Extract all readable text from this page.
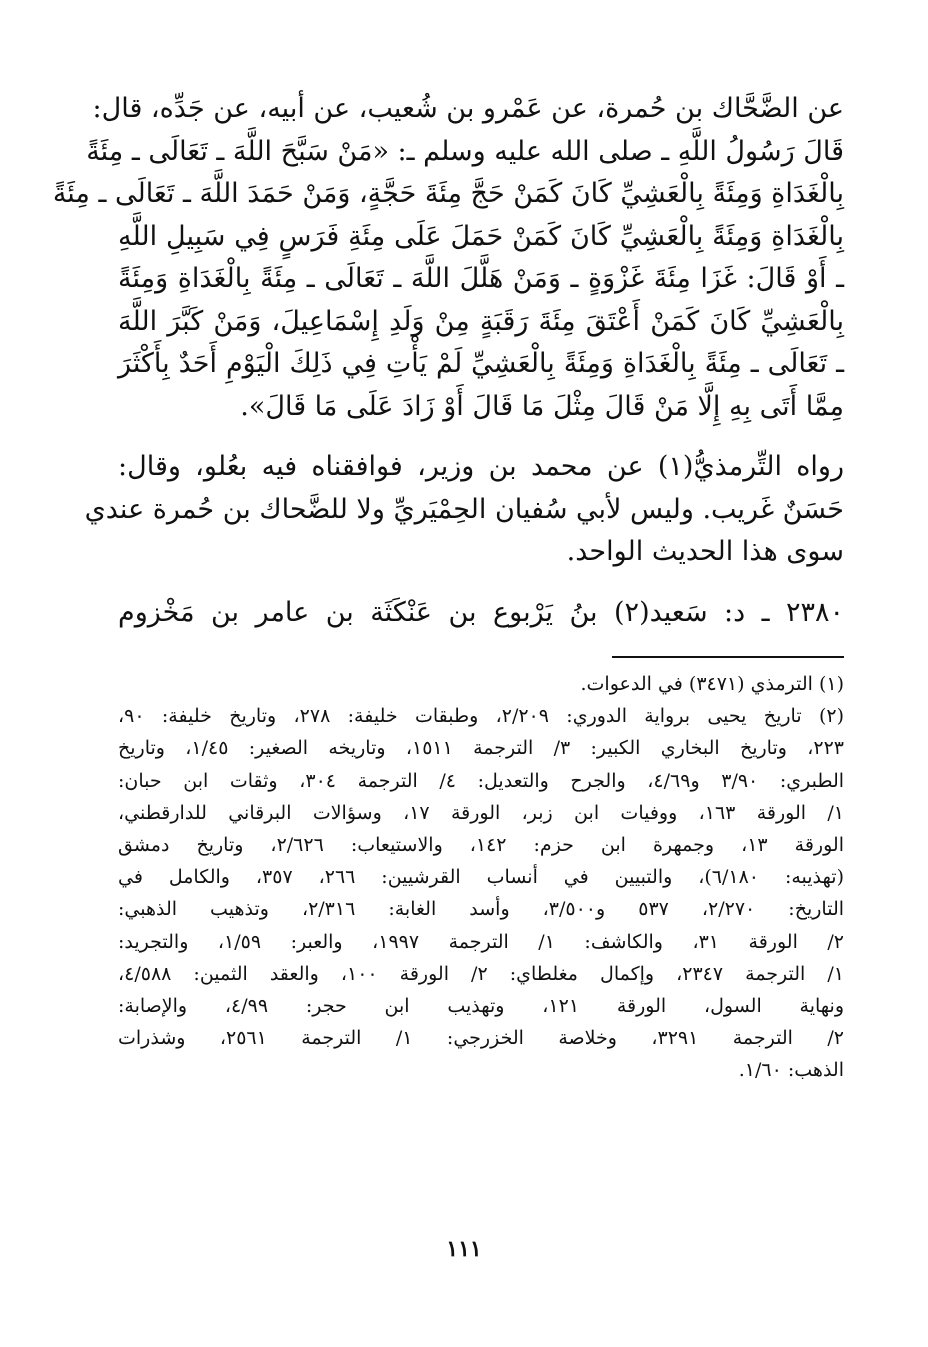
عن الضَّحَّاك بن حُمرة، عن عَمْرو بن شُعيب، عن أبيه، عن جَدِّه، قال:
قَالَ رَسُولُ اللَّهِ ـ صلى الله عليه وسلم ـ: «مَنْ سَبَّحَ اللَّهَ ـ تَعَالَى ـ مِئَةً
بِالْغَدَاةِ وَمِئَةً بِالْعَشِيِّ كَانَ كَمَنْ حَجَّ مِئَةَ حَجَّةٍ، وَمَنْ حَمَدَ اللَّهَ ـ تَعَالَى ـ مِئَةً
بِالْغَدَاةِ وَمِئَةً بِالْعَشِيِّ كَانَ كَمَنْ حَمَلَ عَلَى مِئَةِ فَرَسٍ فِي سَبِيلِ اللَّهِ
ـ أَوْ قَالَ: غَزَا مِئَةَ غَزْوَةٍ ـ وَمَنْ هَلَّلَ اللَّهَ ـ تَعَالَى ـ مِئَةً بِالْغَدَاةِ وَمِئَةً
بِالْعَشِيِّ كَانَ كَمَنْ أَعْتَقَ مِئَةَ رَقَبَةٍ مِنْ وَلَدِ إِسْمَاعِيلَ، وَمَنْ كَبَّرَ اللَّهَ
ـ تَعَالَى ـ مِئَةً بِالْغَدَاةِ وَمِئَةً بِالْعَشِيِّ لَمْ يَأْتِ فِي ذَلِكَ الْيَوْمِ أَحَدٌ بِأَكْثَرَ
مِمَّا أَتَى بِهِ إِلَّا مَنْ قَالَ مِثْلَ مَا قَالَ أَوْ زَادَ عَلَى مَا قَالَ».
رواه التِّرمذيُّ(١) عن محمد بن وزير، فوافقناه فيه بعُلو، وقال:
حَسَنٌ غَريب. وليس لأبي سُفيان الحِمْيَريِّ ولا للضَّحاك بن حُمرة عندي
سوى هذا الحديث الواحد.
٢٣٨٠ ـ د: سَعيد(٢) بنُ يَرْبوع بن عَنْكَثَة بن عامر بن مَخْزوم
(١) الترمذي (٣٤٧١) في الدعوات.
(٢) تاريخ يحيى برواية الدوري: ٢/٢٠٩، وطبقات خليفة: ٢٧٨، وتاريخ خليفة: ٩٠،
٢٢٣، وتاريخ البخاري الكبير: ٣/ الترجمة ١٥١١، وتاريخه الصغير: ١/٤٥، وتاريخ
الطبري: ٣/٩٠ و٤/٦٩، والجرح والتعديل: ٤/ الترجمة ٣٠٤، وثقات ابن حبان:
١/ الورقة ١٦٣، ووفيات ابن زبر، الورقة ١٧، وسؤالات البرقاني للدارقطني،
الورقة ١٣، وجمهرة ابن حزم: ١٤٢، والاستيعاب: ٢/٦٢٦، وتاريخ دمشق
(تهذيبه: ٦/١٨٠)، والتبيين في أنساب القرشيين: ٢٦٦، ٣٥٧، والكامل في
التاريخ: ٢/٢٧٠، ٥٣٧ و٣/٥٠٠، وأسد الغابة: ٢/٣١٦، وتذهيب الذهبي:
٢/ الورقة ٣١، والكاشف: ١/ الترجمة ١٩٩٧، والعبر: ١/٥٩، والتجريد:
١/ الترجمة ٢٣٤٧، وإكمال مغلطاي: ٢/ الورقة ١٠٠، والعقد الثمين: ٤/٥٨٨،
ونهاية السول، الورقة ١٢١، وتهذيب ابن حجر: ٤/٩٩، والإصابة:
٢/ الترجمة ٣٢٩١، وخلاصة الخزرجي: ١/ الترجمة ٢٥٦١، وشذرات
الذهب: ١/٦٠.
١١١
